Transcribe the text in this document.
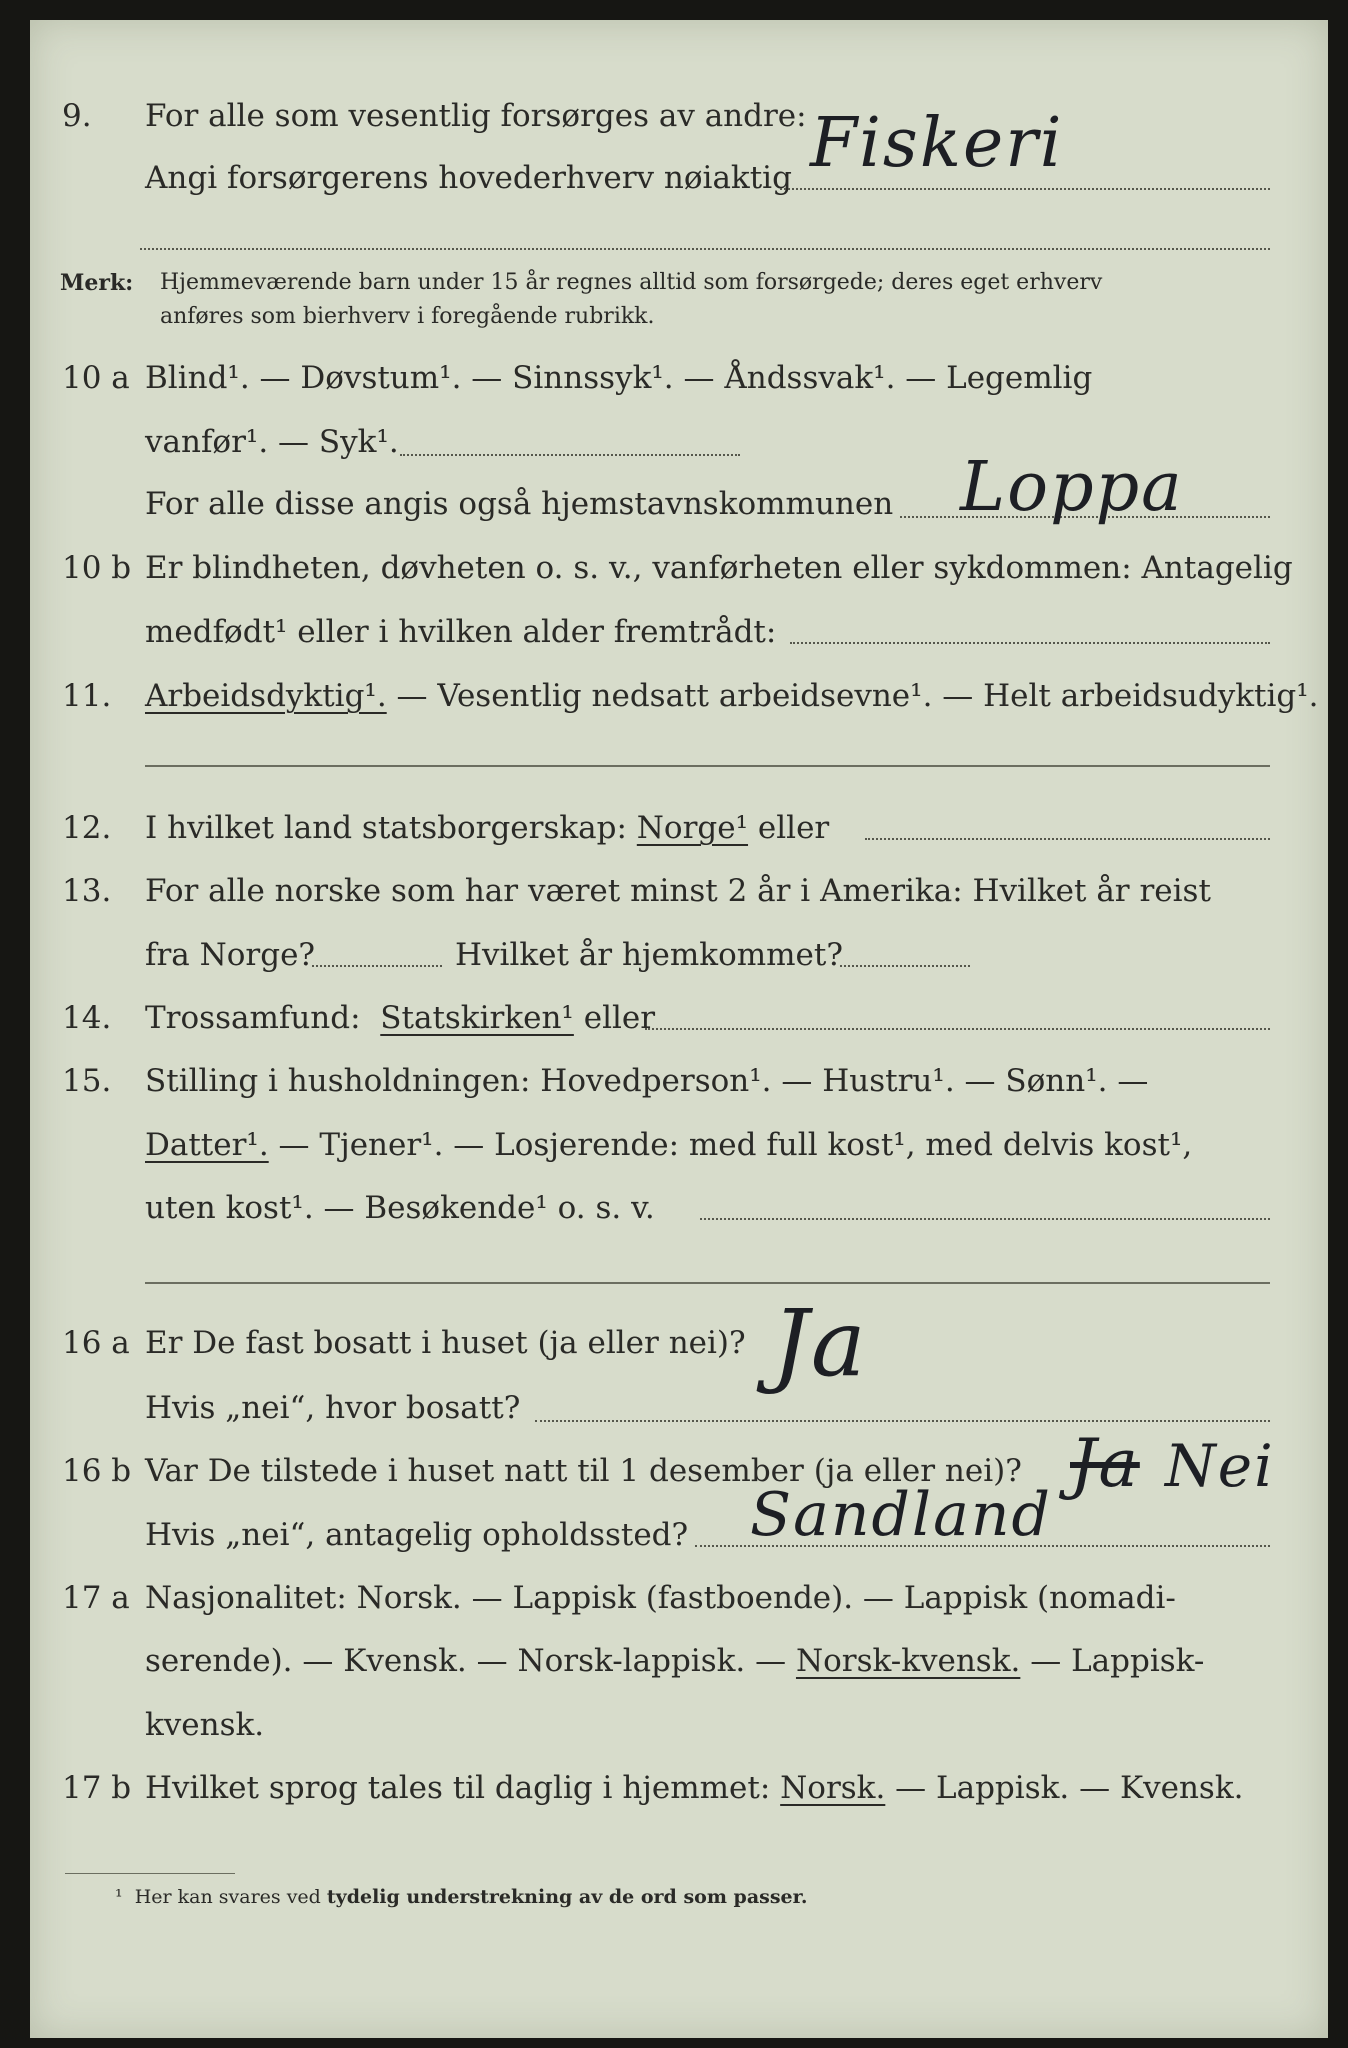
9. For alle som vesentlig forsørges av andre:
Angi forsørgerens hovederhverv nøiaktig Fiskeri
Merk: Hjemmeværende barn under 15 år regnes alltid som forsørgede; deres eget erhverv
anføres som bierhverv i foregående rubrikk.
10 a Blind¹. — Døvstum¹. — Sinnssyk¹. — Åndssvak¹. — Legemlig
vanfør¹. — Syk¹.
For alle disse angis også hjemstavnskommunen Loppa
10 b Er blindheten, døvheten o. s. v., vanførheten eller sykdommen: Antagelig
medfødt¹ eller i hvilken alder fremtrådt:
11. Arbeidsdyktig¹. — Vesentlig nedsatt arbeidsevne¹. — Helt arbeidsudyktig¹.
12. I hvilket land statsborgerskap: Norge¹ eller
13. For alle norske som har været minst 2 år i Amerika: Hvilket år reist
fra Norge?	Hvilket år hjemkommet?
14. Trossamfund: Statskirken¹ eller
15. Stilling i husholdningen: Hovedperson¹. — Hustru¹. — Sønn¹. —
Datter¹. — Tjener¹. — Losjerende: med full kost¹, med delvis kost¹,
uten kost¹. — Besøkende¹ o. s. v.
16 a Er De fast bosatt i huset (ja eller nei)? Ja
Hvis „nei“, hvor bosatt?
16 b Var De tilstede i huset natt til 1 desember (ja eller nei)? Ja Nei
Hvis „nei“, antagelig opholdssted? Sandland
17 a Nasjonalitet: Norsk. — Lappisk (fastboende). — Lappisk (nomadi-
serende). — Kvensk. — Norsk-lappisk. — Norsk-kvensk. — Lappisk-
kvensk.
17 b Hvilket sprog tales til daglig i hjemmet: Norsk. — Lappisk. — Kvensk.
¹ Her kan svares ved tydelig understrekning av de ord som passer.
